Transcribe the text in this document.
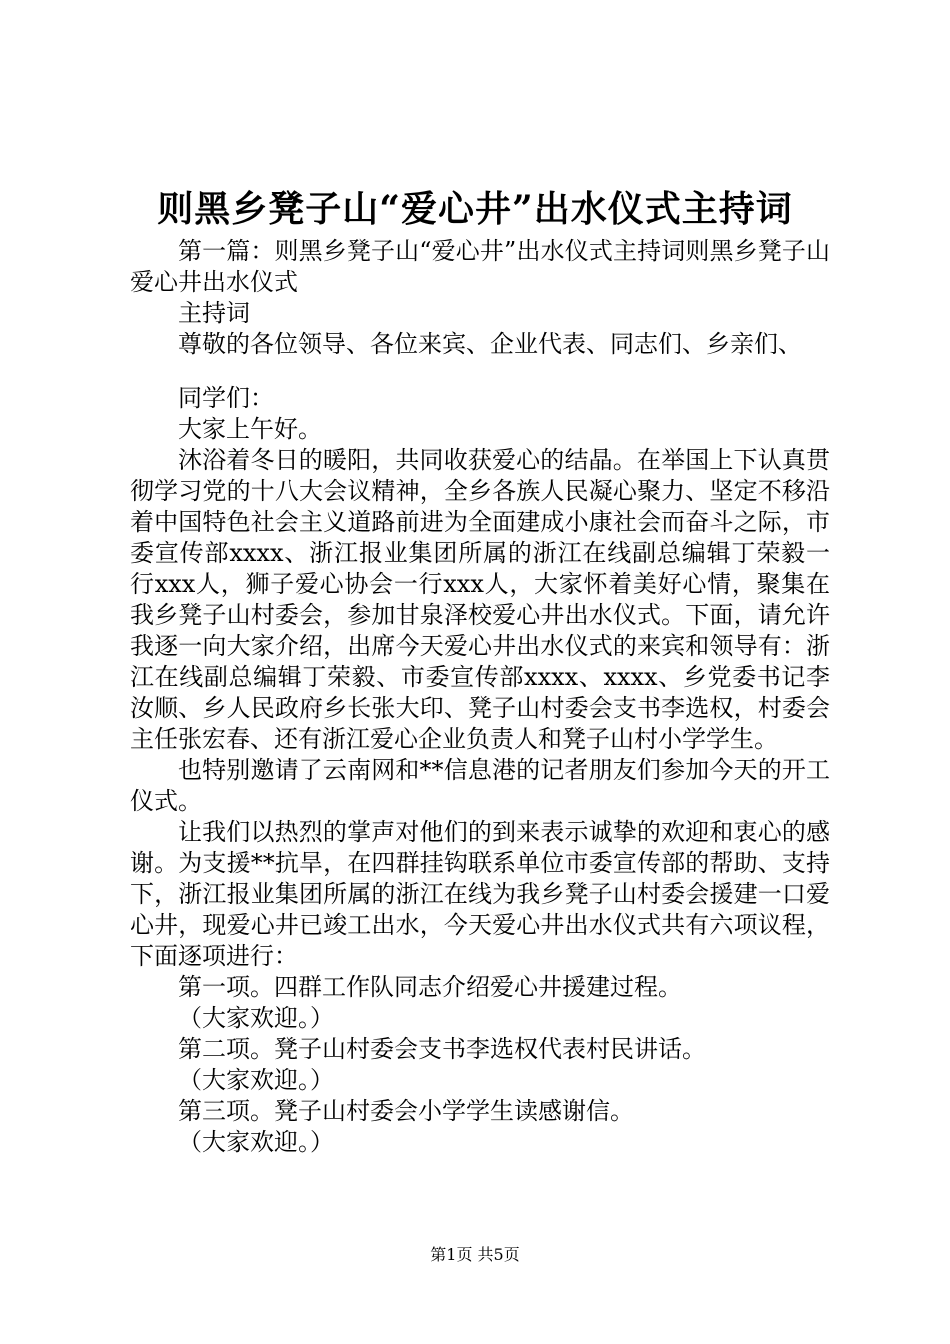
则黑乡凳子山“爱心井”出水仪式主持词

第一篇：则黑乡凳子山“爱心井”出水仪式主持词则黑乡凳子山爱心井出水仪式

主持词

尊敬的各位领导、各位来宾、企业代表、同志们、乡亲们、

同学们：

大家上午好。

沐浴着冬日的暖阳，共同收获爱心的结晶。在举国上下认真贯彻学习党的十八大会议精神，全乡各族人民凝心聚力、坚定不移沿着中国特色社会主义道路前进为全面建成小康社会而奋斗之际，市委宣传部xxxx、浙江报业集团所属的浙江在线副总编辑丁荣毅一行xxx人，狮子爱心协会一行xxx人，大家怀着美好心情，聚集在我乡凳子山村委会，参加甘泉泽校爱心井出水仪式。下面，请允许我逐一向大家介绍，出席今天爱心井出水仪式的来宾和领导有：浙江在线副总编辑丁荣毅、市委宣传部xxxx、xxxx、乡党委书记李汝顺、乡人民政府乡长张大印、凳子山村委会支书李选权，村委会主任张宏春、还有浙江爱心企业负责人和凳子山村小学学生。

也特别邀请了云南网和**信息港的记者朋友们参加今天的开工仪式。

让我们以热烈的掌声对他们的到来表示诚挚的欢迎和衷心的感谢。为支援**抗旱，在四群挂钩联系单位市委宣传部的帮助、支持下，浙江报业集团所属的浙江在线为我乡凳子山村委会援建一口爱心井，现爱心井已竣工出水，今天爱心井出水仪式共有六项议程，下面逐项进行：

第一项。四群工作队同志介绍爱心井援建过程。

（大家欢迎。）

第二项。凳子山村委会支书李选权代表村民讲话。

（大家欢迎。）

第三项。凳子山村委会小学学生读感谢信。

（大家欢迎。）

第1页 共5页
